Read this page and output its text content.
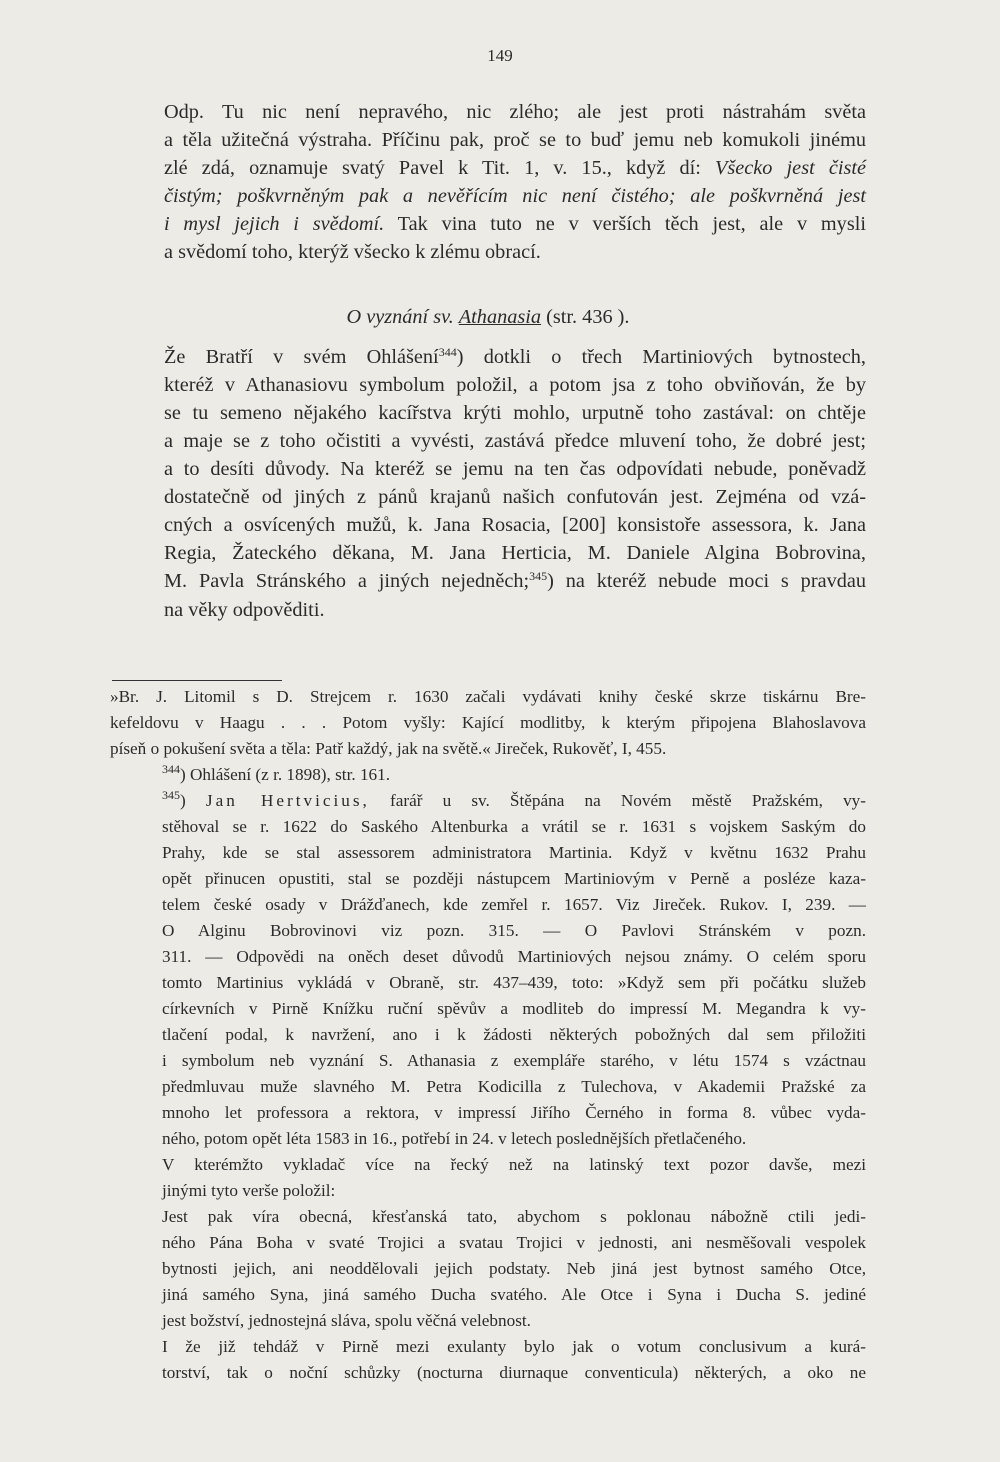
149

Odp. Tu nic není nepravého, nic zlého; ale jest proti nástrahám světa
a těla užitečná výstraha. Příčinu pak, proč se to buď jemu neb komukoli jinému
zlé zdá, oznamuje svatý Pavel k Tit. 1, v. 15., když dí: Všecko jest čisté
čistým; poškvrněným pak a nevěřícím nic není čistého; ale poškvrněná jest
i mysl jejich i svědomí. Tak vina tuto ne v verších těch jest, ale v mysli
a svědomí toho, kterýž všecko k zlému obrací.

O vyznání sv. Athanasia (str. 436 ).

Že Bratří v svém Ohlášení$^{344}$) dotkli o třech Martiniových bytnostech,
kteréž v Athanasiovu symbolum položil, a potom jsa z toho obviňován, že by
se tu semeno nějakého kacířstva krýti mohlo, urputně toho zastával: on chtěje
a maje se z toho očistiti a vyvésti, zastává předce mluvení toho, že dobré jest;
a to desíti důvody. Na kteréž se jemu na ten čas odpovídati nebude, poněvadž
dostatečně od jiných z pánů krajanů našich confutován jest. Zejména od vzá-
cných a osvícených mužů, k. Jana Rosacia, [200] konsistoře assessora, k. Jana
Regia, Žateckého děkana, M. Jana Herticia, M. Daniele Algina Bobrovina,
M. Pavla Stránského a jiných nejedněch;$^{345}$) na kteréž nebude moci s pravdau
na věky odpověditi.

»Br. J. Litomil s D. Strejcem r. 1630 začali vydávati knihy české skrze tiskárnu Bre-
kefeldovu v Haagu . . . Potom vyšly: Kající modlitby, k kterým připojena Blahoslavova
píseň o pokušení světa a těla: Patř každý, jak na světě.« Jireček, Rukověť, I, 455.

$^{344}$) Ohlášení (z r. 1898), str. 161.

$^{345}$) Jan Hertvicius, farář u sv. Štěpána na Novém městě Pražském, vy-
stěhoval se r. 1622 do Saského Altenburka a vrátil se r. 1631 s vojskem Saským do
Prahy, kde se stal assessorem administratora Martinia. Když v květnu 1632 Prahu
opět přinucen opustiti, stal se později nástupcem Martiniovým v Perně a posléze kaza-
telem české osady v Drážďanech, kde zemřel r. 1657. Viz Jireček. Rukov. I, 239. —
O Alginu Bobrovinovi viz pozn. 315. — O Pavlovi Stránském v pozn.
311. — Odpovědi na oněch deset důvodů Martiniových nejsou známy. O celém sporu
tomto Martinius vykládá v Obraně, str. 437–439, toto: »Když sem při počátku služeb
církevních v Pirně Knížku ruční spěvův a modliteb do impressí M. Megandra k vy-
tlačení podal, k navržení, ano i k žádosti některých pobožných dal sem přiložiti
i symbolum neb vyznání S. Athanasia z exempláře starého, v létu 1574 s vzáctnau
předmluvau muže slavného M. Petra Kodicilla z Tulechova, v Akademii Pražské za
mnoho let professora a rektora, v impressí Jiřího Černého in forma 8. vůbec vyda-
ného, potom opět léta 1583 in 16., potřebí in 24. v letech poslednějších přetlačeného.

V kterémžto vykladač více na řecký než na latinský text pozor davše, mezi
jinými tyto verše položil:

Jest pak víra obecná, křesťanská tato, abychom s poklonau nábožně ctili jedi-
ného Pána Boha v svaté Trojici a svatau Trojici v jednosti, ani nesměšovali vespolek
bytnosti jejich, ani neoddělovali jejich podstaty. Neb jiná jest bytnost samého Otce,
jiná samého Syna, jiná samého Ducha svatého. Ale Otce i Syna i Ducha S. jediné
jest božství, jednostejná sláva, spolu věčná velebnost.

I že již tehdáž v Pirně mezi exulanty bylo jak o votum conclusivum a kurá-
torství, tak o noční schůzky (nocturna diurnaque conventicula) některých, a oko ne
